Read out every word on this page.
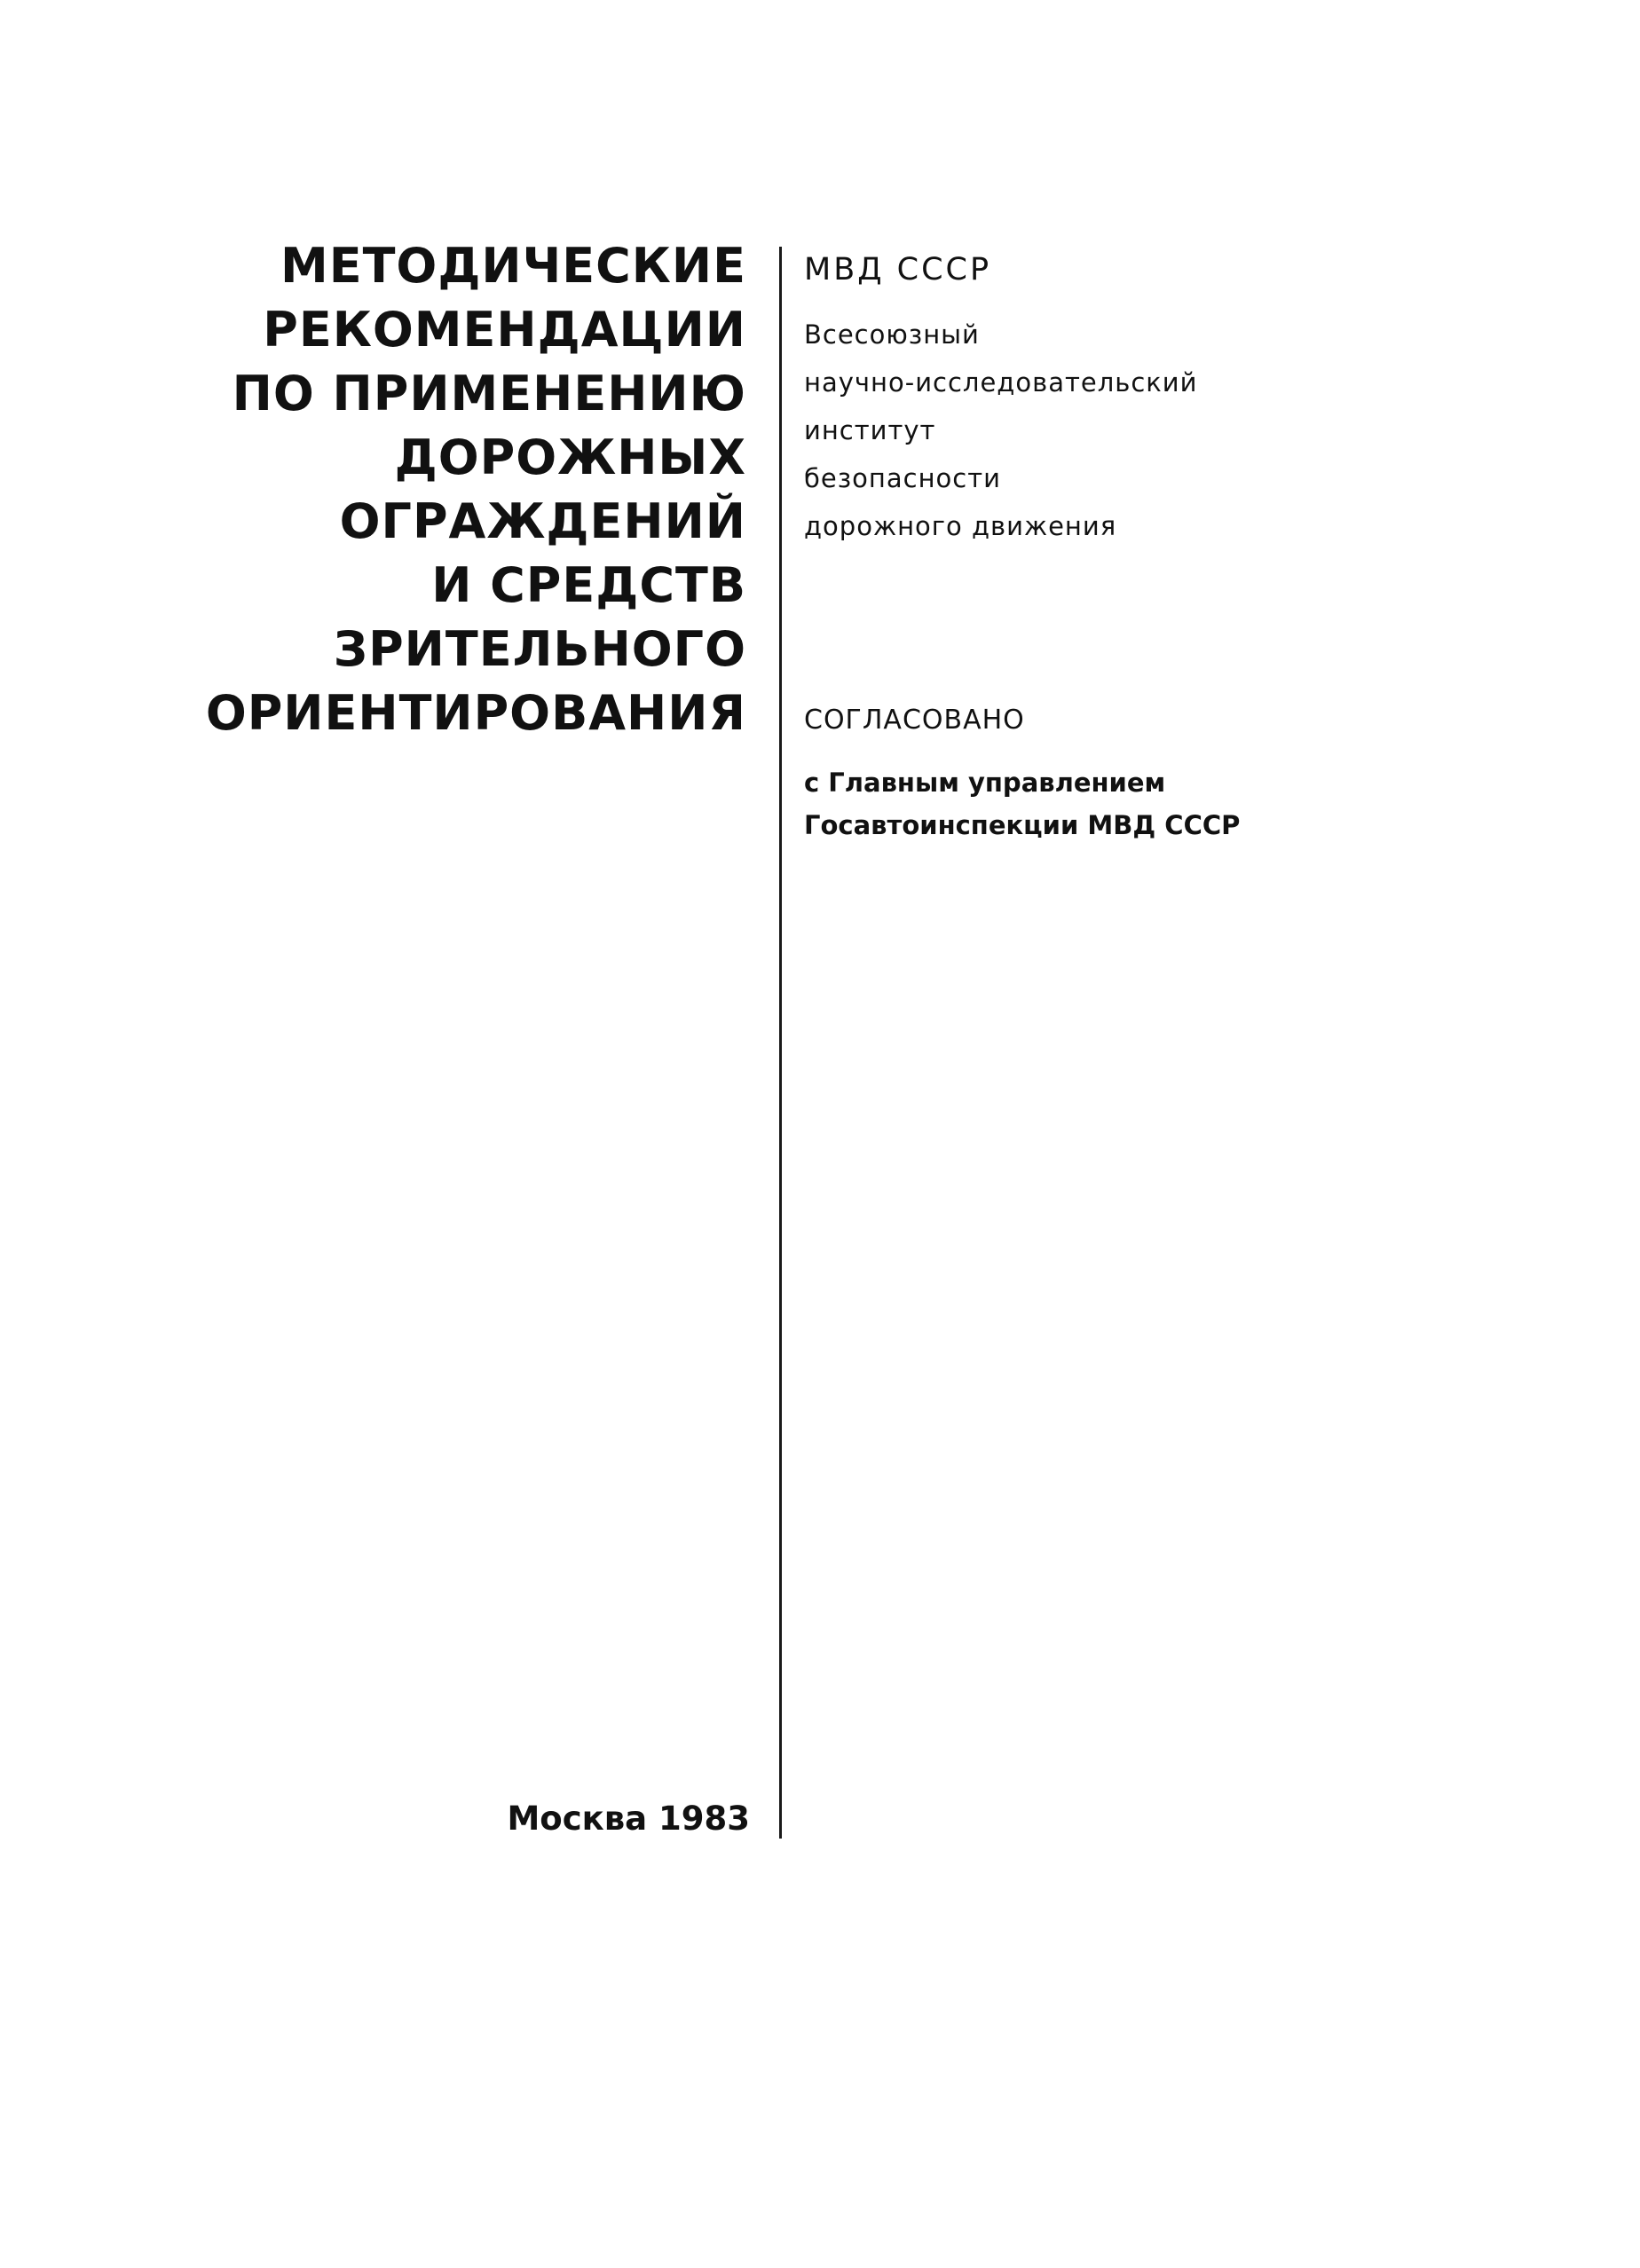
МЕТОДИЧЕСКИЕ
РЕКОМЕНДАЦИИ
ПО ПРИМЕНЕНИЮ
ДОРОЖНЫХ
ОГРАЖДЕНИЙ
И СРЕДСТВ
ЗРИТЕЛЬНОГО
ОРИЕНТИРОВАНИЯ
МВД СССР
Всесоюзный
научно-исследовательский
институт
безопасности
дорожного движения
СОГЛАСОВАНО
с Главным управлением
Госавтоинспекции МВД СССР
Москва 1983
